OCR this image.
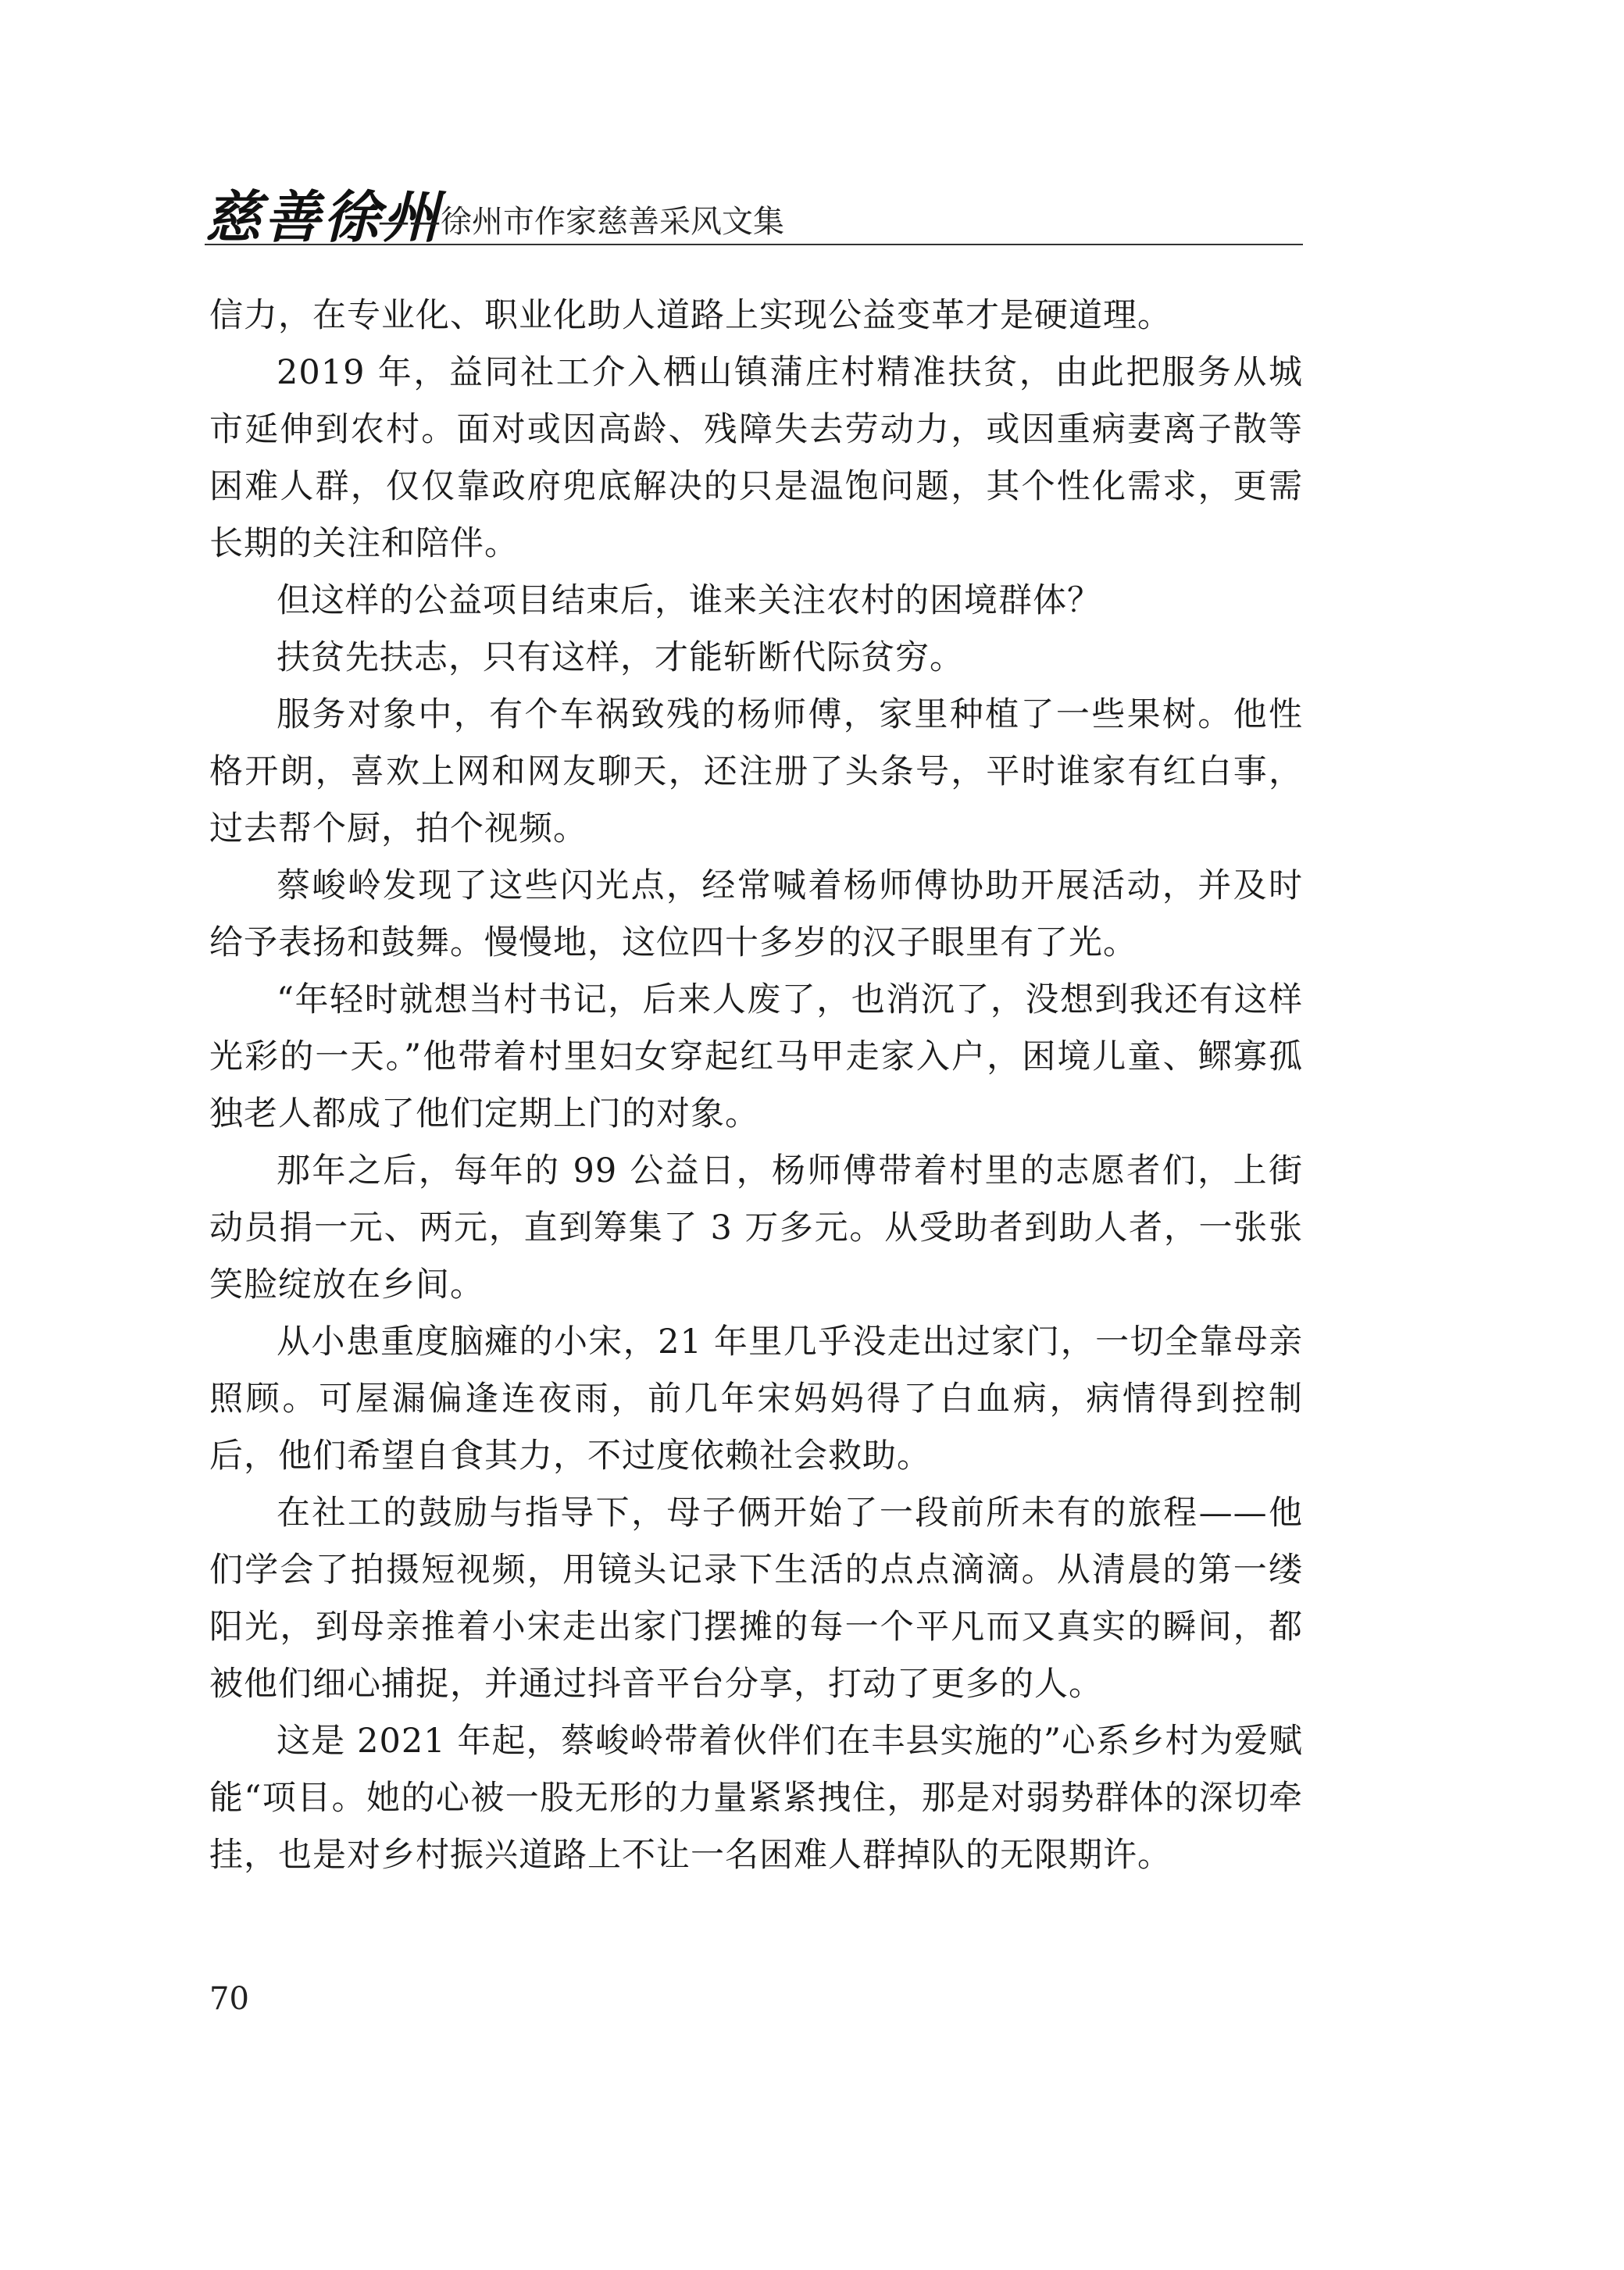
慈善徐州
——徐州市作家慈善采风文集

信力，在专业化、职业化助人道路上实现公益变革才是硬道理。

2019 年，益同社工介入栖山镇蒲庄村精准扶贫，由此把服务从城市延伸到农村。面对或因高龄、残障失去劳动力，或因重病妻离子散等困难人群，仅仅靠政府兜底解决的只是温饱问题，其个性化需求，更需长期的关注和陪伴。

但这样的公益项目结束后，谁来关注农村的困境群体？

扶贫先扶志，只有这样，才能斩断代际贫穷。

服务对象中，有个车祸致残的杨师傅，家里种植了一些果树。他性格开朗，喜欢上网和网友聊天，还注册了头条号，平时谁家有红白事，过去帮个厨，拍个视频。

蔡峻岭发现了这些闪光点，经常喊着杨师傅协助开展活动，并及时给予表扬和鼓舞。慢慢地，这位四十多岁的汉子眼里有了光。

“年轻时就想当村书记，后来人废了，也消沉了，没想到我还有这样光彩的一天。”他带着村里妇女穿起红马甲走家入户，困境儿童、鳏寡孤独老人都成了他们定期上门的对象。

那年之后，每年的 99 公益日，杨师傅带着村里的志愿者们，上街动员捐一元、两元，直到筹集了 3 万多元。从受助者到助人者，一张张笑脸绽放在乡间。

从小患重度脑瘫的小宋，21 年里几乎没走出过家门，一切全靠母亲照顾。可屋漏偏逢连夜雨，前几年宋妈妈得了白血病，病情得到控制后，他们希望自食其力，不过度依赖社会救助。

在社工的鼓励与指导下，母子俩开始了一段前所未有的旅程——他们学会了拍摄短视频，用镜头记录下生活的点点滴滴。从清晨的第一缕阳光，到母亲推着小宋走出家门摆摊的每一个平凡而又真实的瞬间，都被他们细心捕捉，并通过抖音平台分享，打动了更多的人。

这是 2021 年起，蔡峻岭带着伙伴们在丰县实施的”心系乡村为爱赋能“项目。她的心被一股无形的力量紧紧拽住，那是对弱势群体的深切牵挂，也是对乡村振兴道路上不让一名困难人群掉队的无限期许。

70
